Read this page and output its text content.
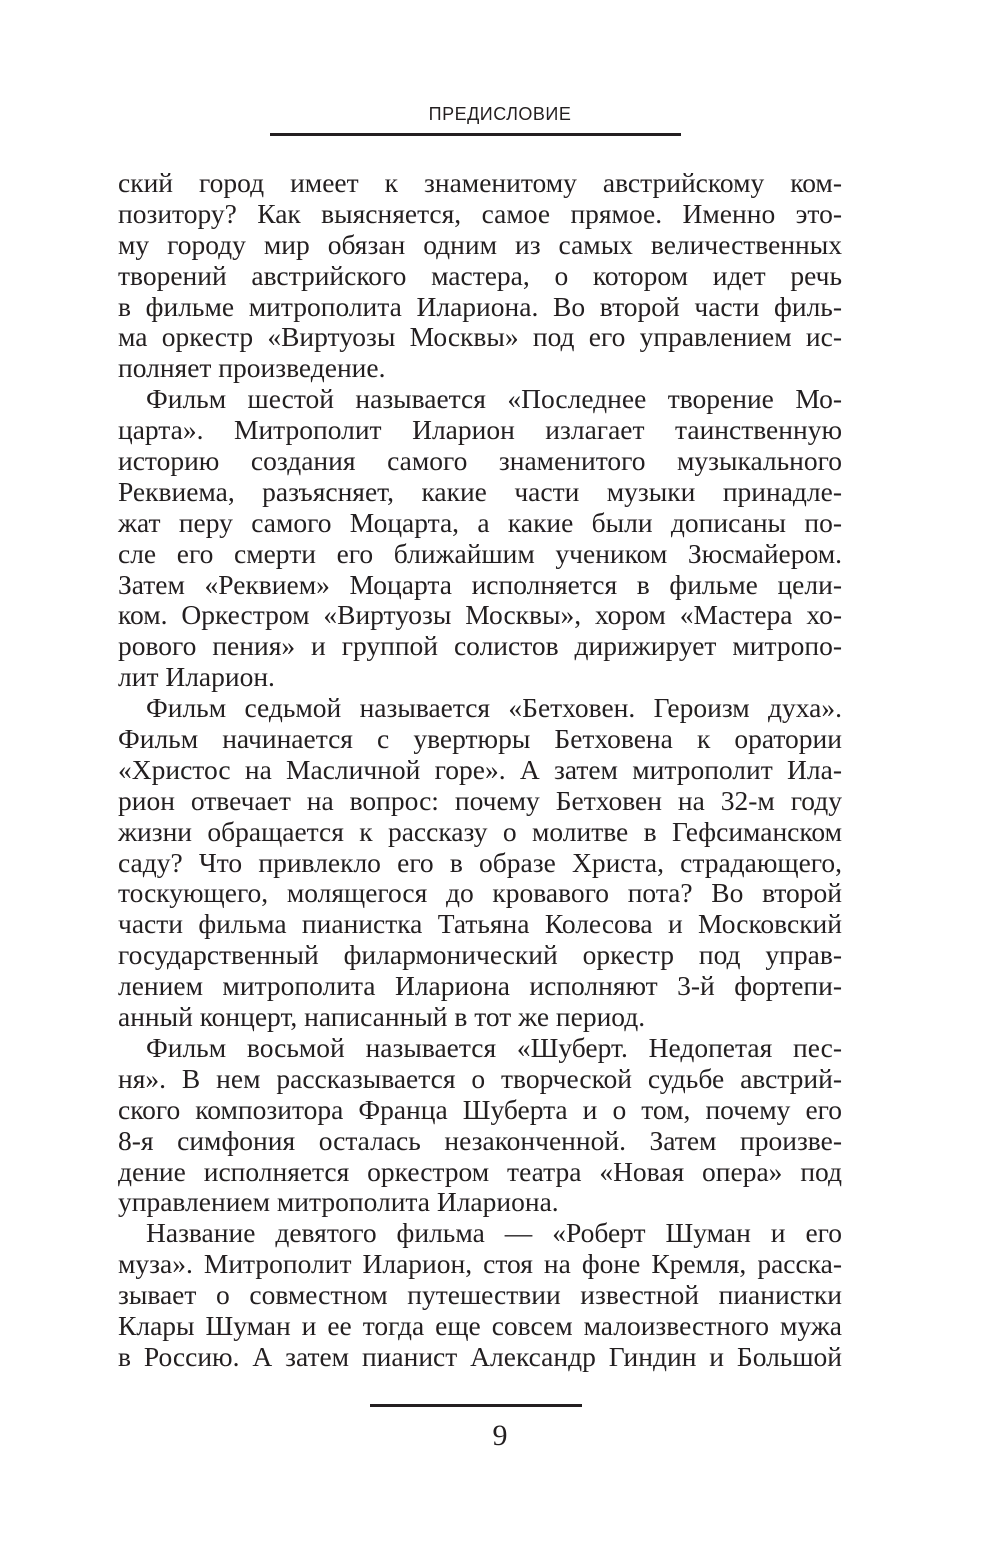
ПРЕДИСЛОВИЕ
ский город имеет к знаменитому австрийскому ком-
позитору? Как выясняется, самое прямое. Именно это-
му городу мир обязан одним из самых величественных
творений австрийского мастера, о котором идет речь
в фильме митрополита Илариона. Во второй части филь-
ма оркестр «Виртуозы Москвы» под его управлением ис-
полняет произведение.
Фильм шестой называется «Последнее творение Мо-
царта». Митрополит Иларион излагает таинственную
историю создания самого знаменитого музыкального
Реквиема, разъясняет, какие части музыки принадле-
жат перу самого Моцарта, а какие были дописаны по-
сле его смерти его ближайшим учеником Зюсмайером.
Затем «Реквием» Моцарта исполняется в фильме цели-
ком. Оркестром «Виртуозы Москвы», хором «Мастера хо-
рового пения» и группой солистов дирижирует митропо-
лит Иларион.
Фильм седьмой называется «Бетховен. Героизм духа».
Фильм начинается с увертюры Бетховена к оратории
«Христос на Масличной горе». А затем митрополит Ила-
рион отвечает на вопрос: почему Бетховен на 32-м году
жизни обращается к рассказу о молитве в Гефсиманском
саду? Что привлекло его в образе Христа, страдающего,
тоскующего, молящегося до кровавого пота? Во второй
части фильма пианистка Татьяна Колесова и Московский
государственный филармонический оркестр под управ-
лением митрополита Илариона исполняют 3-й фортепи-
анный концерт, написанный в тот же период.
Фильм восьмой называется «Шуберт. Недопетая пес-
ня». В нем рассказывается о творческой судьбе австрий-
ского композитора Франца Шуберта и о том, почему его
8-я симфония осталась незаконченной. Затем произве-
дение исполняется оркестром театра «Новая опера» под
управлением митрополита Илариона.
Название девятого фильма — «Роберт Шуман и его
муза». Митрополит Иларион, стоя на фоне Кремля, расска-
зывает о совместном путешествии известной пианистки
Клары Шуман и ее тогда еще совсем малоизвестного мужа
в Россию. А затем пианист Александр Гиндин и Большой
9
